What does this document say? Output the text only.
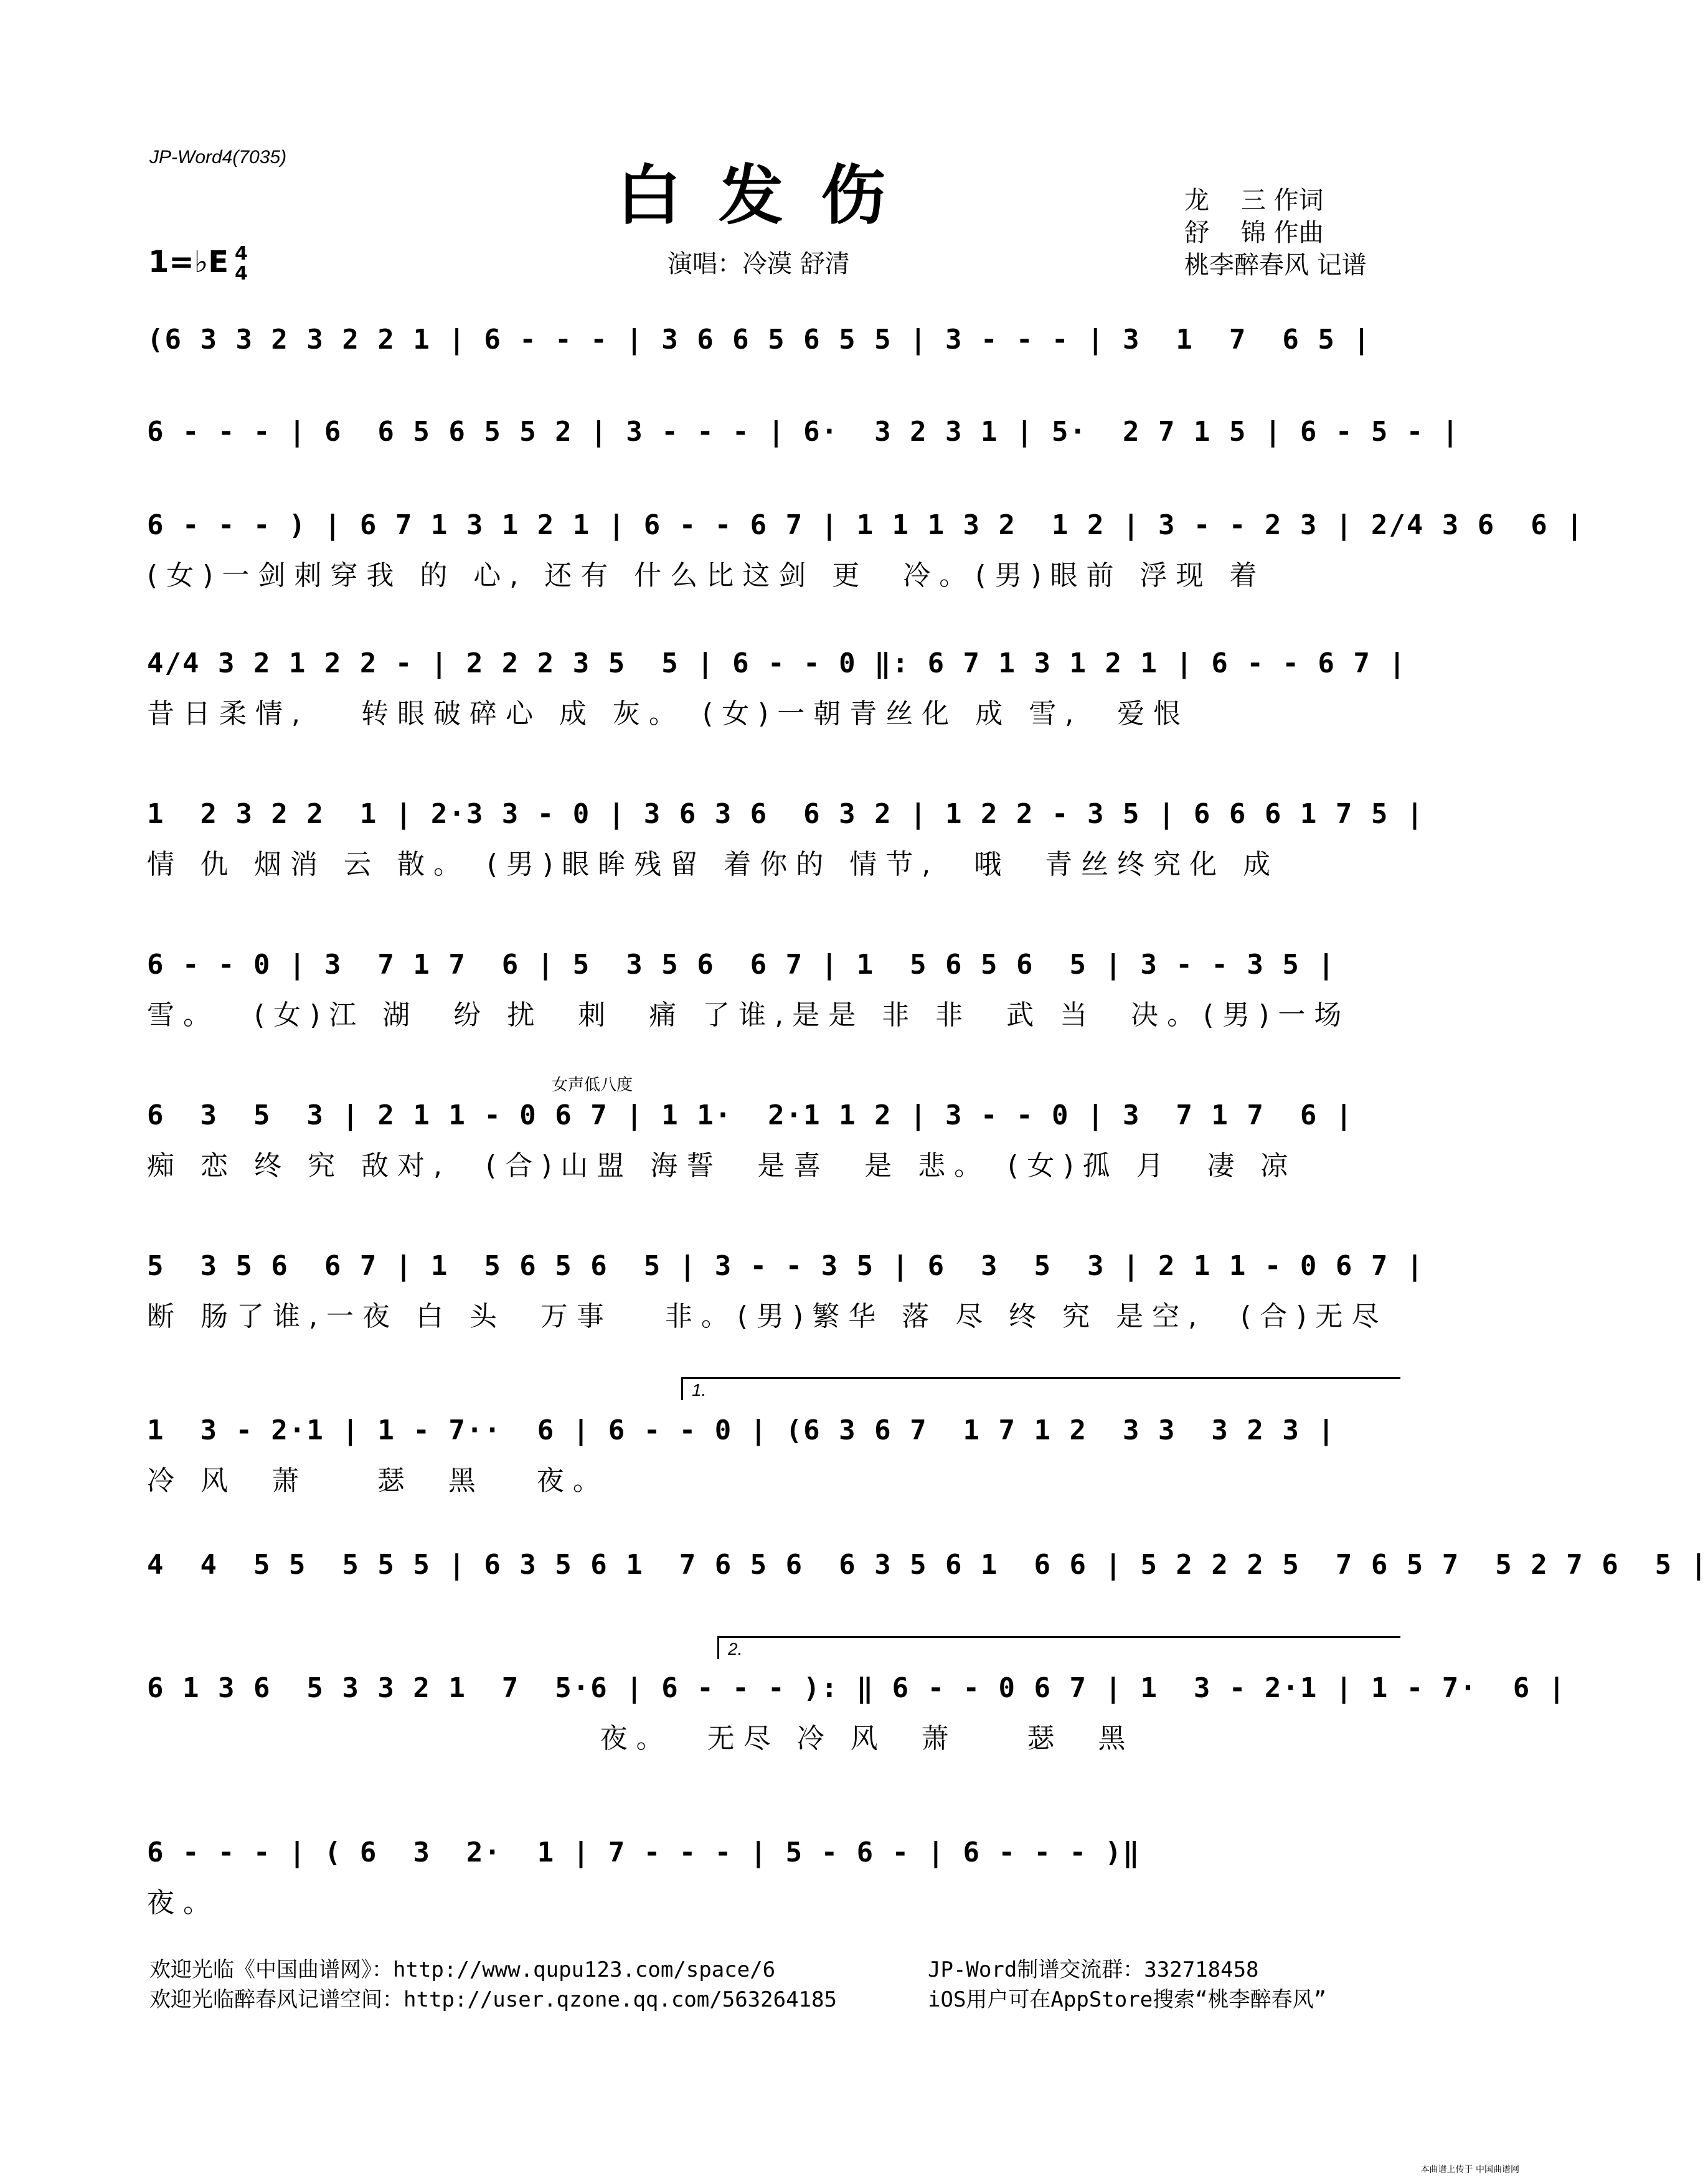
JP-Word4(7035)	白发伤
1=♭E 4
4	演唱：冷漠 舒清
龙    三 作词
舒    锦 作曲
桃李醉春风 记谱
(6 3 3 2 3 2 2 1 | 6 - - - | 3 6 6 5 6 5 5 | 3 - - - | 3  1  7  6 5 |
6 - - - | 6  6 5 6 5 5 2 | 3 - - - | 6·  3 2 3 1 | 5·  2 7 1 5 | 6 - 5 - |
6 - - - ) | 6 7 1 3 1 2 1 | 6 - - 6 7 | 1 1 1 3 2  1 2 | 3 - - 2 3 | 2/4 3 6  6 |
(女)一剑刺穿我 的 心, 还有 什么比这剑 更  冷。(男)眼前 浮现 着
4/4 3 2 1 2 2 - | 2 2 2 3 5  5 | 6 - - 0 ‖: 6 7 1 3 1 2 1 | 6 - - 6 7 |
昔日柔情,   转眼破碎心 成 灰。 (女)一朝青丝化 成 雪,  爱恨
1  2 3 2 2  1 | 2·3 3 - 0 | 3 6 3 6  6 3 2 | 1 2 2 - 3 5 | 6 6 6 1 7 5 |
情 仇 烟消 云 散。 (男)眼眸残留 着你的 情节,  哦  青丝终究化 成
6 - - 0 | 3  7 1 7  6 | 5  3 5 6  6 7 | 1  5 6 5 6  5 | 3 - - 3 5 |
雪。  (女)江 湖  纷 扰  刺  痛 了谁,是是 非 非  武 当  决。(男)一场
女声低八度
6  3  5  3 | 2 1 1 - 0 6 7 | 1 1·  2·1 1 2 | 3 - - 0 | 3  7 1 7  6 |
痴 恋 终 究 敌对,  (合)山盟 海誓  是喜  是 悲。 (女)孤 月  凄 凉
5  3 5 6  6 7 | 1  5 6 5 6  5 | 3 - - 3 5 | 6  3  5  3 | 2 1 1 - 0 6 7 |
断 肠了谁,一夜 白 头  万事   非。(男)繁华 落 尽 终 究 是空,  (合)无尽
1.
1  3 - 2·1 | 1 - 7··  6 | 6 - - 0 | (6 3 6 7  1 7 1 2  3 3  3 2 3 |
冷 风  萧    瑟  黑   夜。
4  4  5 5  5 5 5 | 6 3 5 6 1  7 6 5 6  6 3 5 6 1  6 6 | 5 2 2 2 5  7 6 5 7  5 2 7 6  5 |
2.
6 1 3 6  5 3 3 2 1  7  5·6 | 6 - - - ): ‖ 6 - - 0 6 7 | 1  3 - 2·1 | 1 - 7·  6 |
夜。  无尽 冷 风  萧    瑟  黑
6 - - - | ( 6  3  2·  1 | 7 - - - | 5 - 6 - | 6 - - - )‖
夜。
欢迎光临《中国曲谱网》：http://www.qupu123.com/space/6
欢迎光临醉春风记谱空间：http://user.qzone.qq.com/563264185
JP-Word制谱交流群：332718458
iOS用户可在AppStore搜索“桃李醉春风”
本曲谱上传于 中国曲谱网
